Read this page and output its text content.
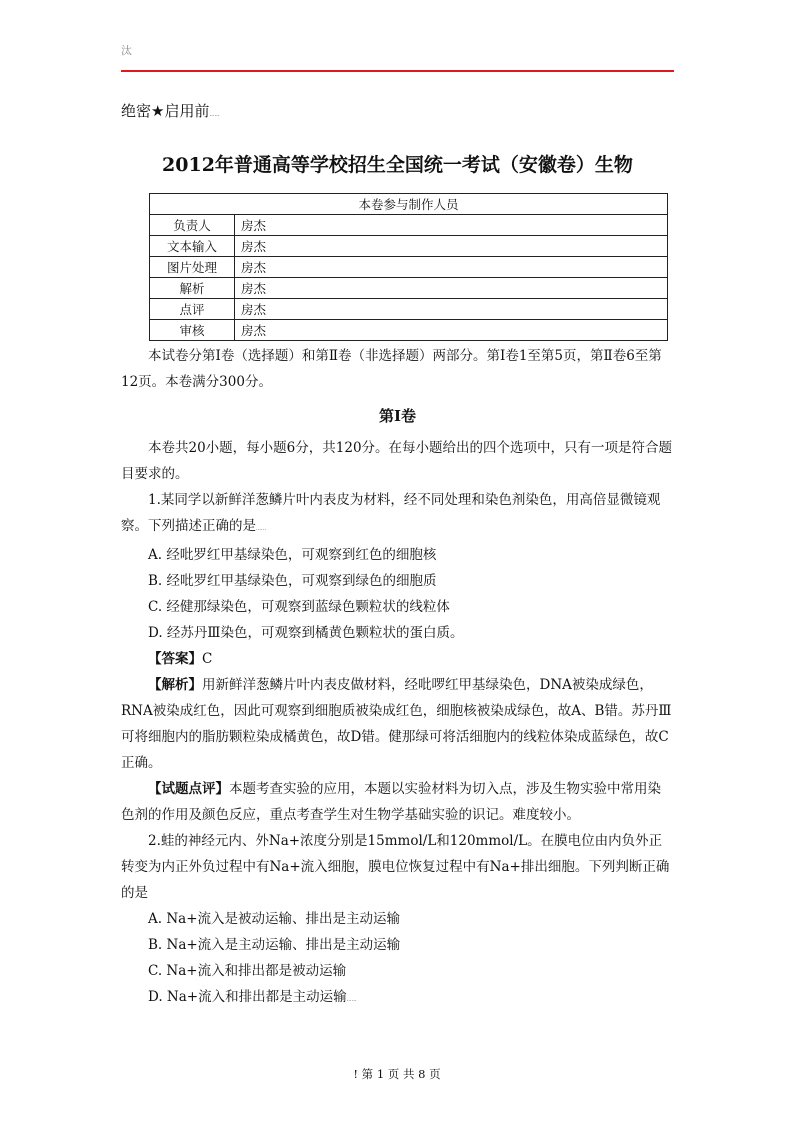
汰
绝密★启用前……
2012年普通高等学校招生全国统一考试（安徽卷）生物
本卷参与制作人员	
负责人	房杰
文本输入	房杰
图片处理	房杰
解析	房杰
点评	房杰
审核	房杰

本试卷分第Ⅰ卷（选择题）和第Ⅱ卷（非选择题）两部分。第Ⅰ卷1至第5页，第Ⅱ卷6至第12页。本卷满分300分。

第Ⅰ卷

本卷共20小题，每小题6分，共120分。在每小题给出的四个选项中，只有一项是符合题目要求的。

1.某同学以新鲜洋葱鳞片叶内表皮为材料，经不同处理和染色剂染色，用高倍显微镜观察。下列描述正确的是……

A. 经吡罗红甲基绿染色，可观察到红色的细胞核

B. 经吡罗红甲基绿染色，可观察到绿色的细胞质

C. 经健那绿染色，可观察到蓝绿色颗粒状的线粒体

D. 经苏丹Ⅲ染色，可观察到橘黄色颗粒状的蛋白质。

【答案】C

【解析】用新鲜洋葱鳞片叶内表皮做材料，经吡啰红甲基绿染色，DNA被染成绿色，RNA被染成红色，因此可观察到细胞质被染成红色，细胞核被染成绿色，故A、B错。苏丹Ⅲ可将细胞内的脂肪颗粒染成橘黄色，故D错。健那绿可将活细胞内的线粒体染成蓝绿色，故C正确。

【试题点评】本题考查实验的应用，本题以实验材料为切入点，涉及生物实验中常用染色剂的作用及颜色反应，重点考查学生对生物学基础实验的识记。难度较小。

2.蛙的神经元内、外Na+浓度分别是15mmol/L和120mmol/L。在膜电位由内负外正转变为内正外负过程中有Na+流入细胞，膜电位恢复过程中有Na+排出细胞。下列判断正确的是

A. Na+流入是被动运输、排出是主动运输

B. Na+流入是主动运输、排出是主动运输

C. Na+流入和排出都是被动运输

D. Na+流入和排出都是主动运输……

! 第 1 页 共 8 页
